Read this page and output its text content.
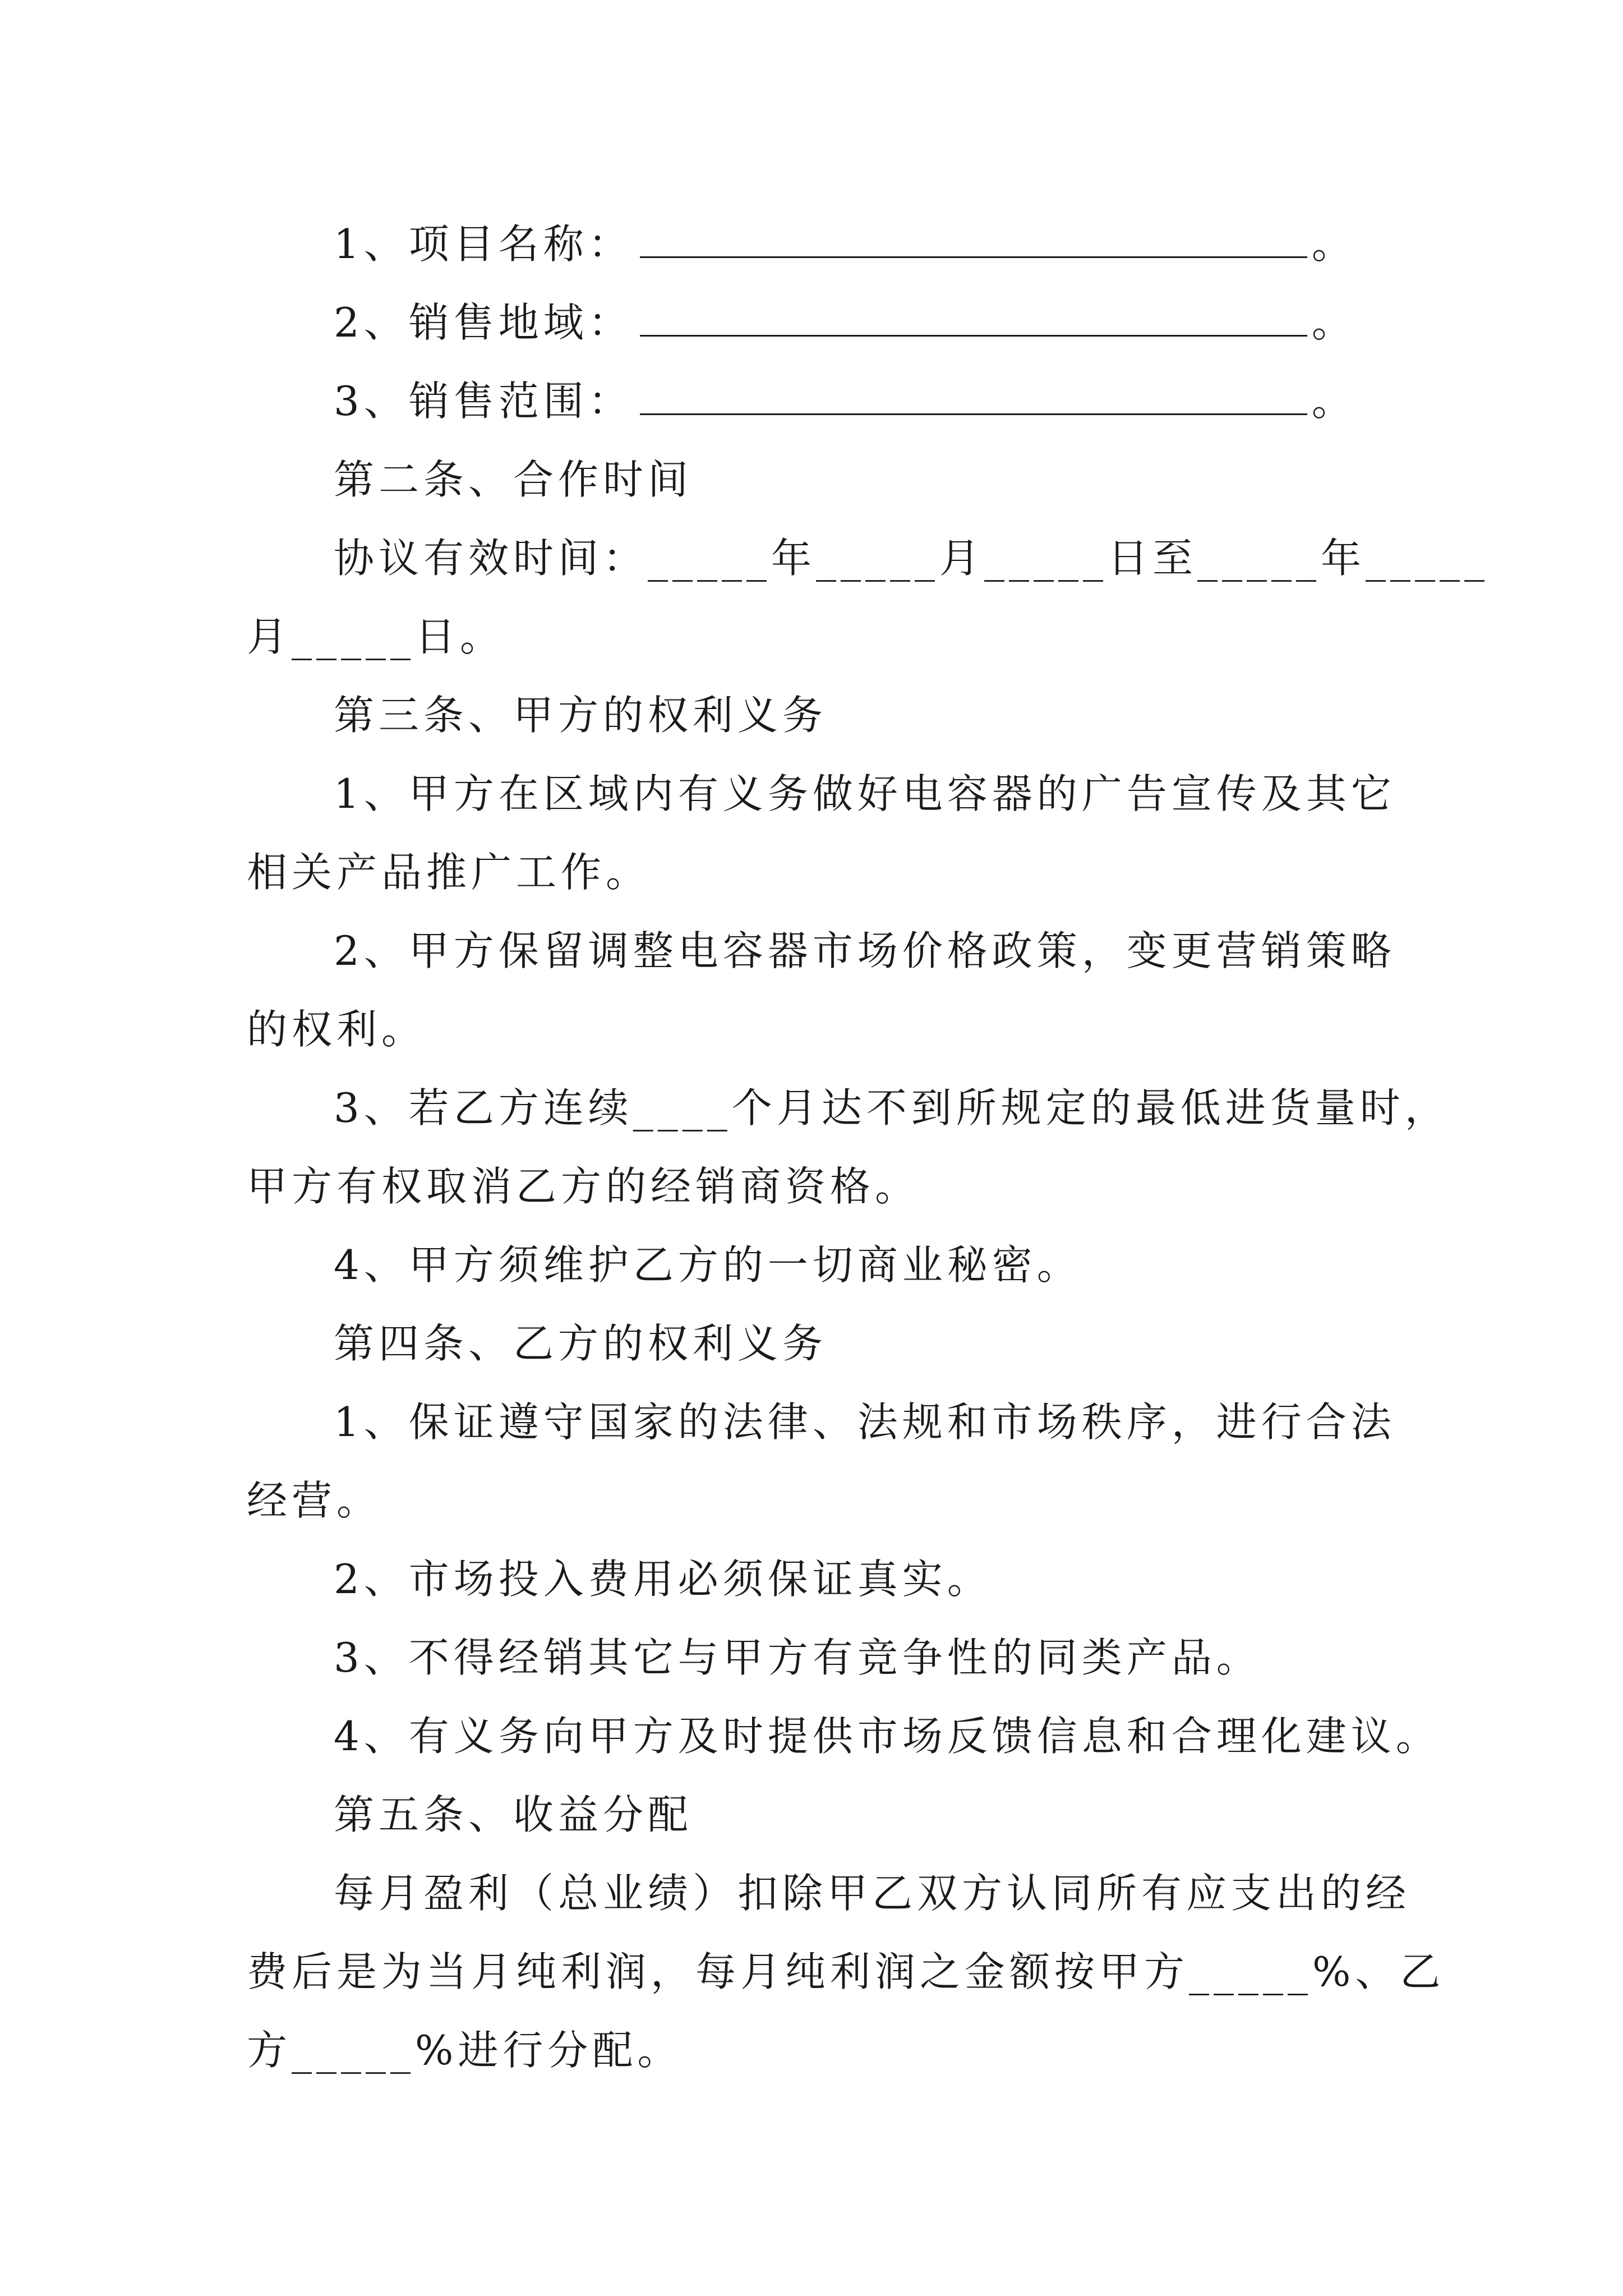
1、项目名称：	。
2、销售地域：	。
3、销售范围：	。
第二条、合作时间
协议有效时间：_____年_____月_____日至_____年_____
月_____日。
第三条、甲方的权利义务
1、甲方在区域内有义务做好电容器的广告宣传及其它
相关产品推广工作。
2、甲方保留调整电容器市场价格政策，变更营销策略
的权利。
3、若乙方连续____个月达不到所规定的最低进货量时，
甲方有权取消乙方的经销商资格。
4、甲方须维护乙方的一切商业秘密。
第四条、乙方的权利义务
1、保证遵守国家的法律、法规和市场秩序，进行合法
经营。
2、市场投入费用必须保证真实。
3、不得经销其它与甲方有竞争性的同类产品。
4、有义务向甲方及时提供市场反馈信息和合理化建议。
第五条、收益分配
每月盈利（总业绩）扣除甲乙双方认同所有应支出的经
费后是为当月纯利润，每月纯利润之金额按甲方_____%、乙
方_____%进行分配。
